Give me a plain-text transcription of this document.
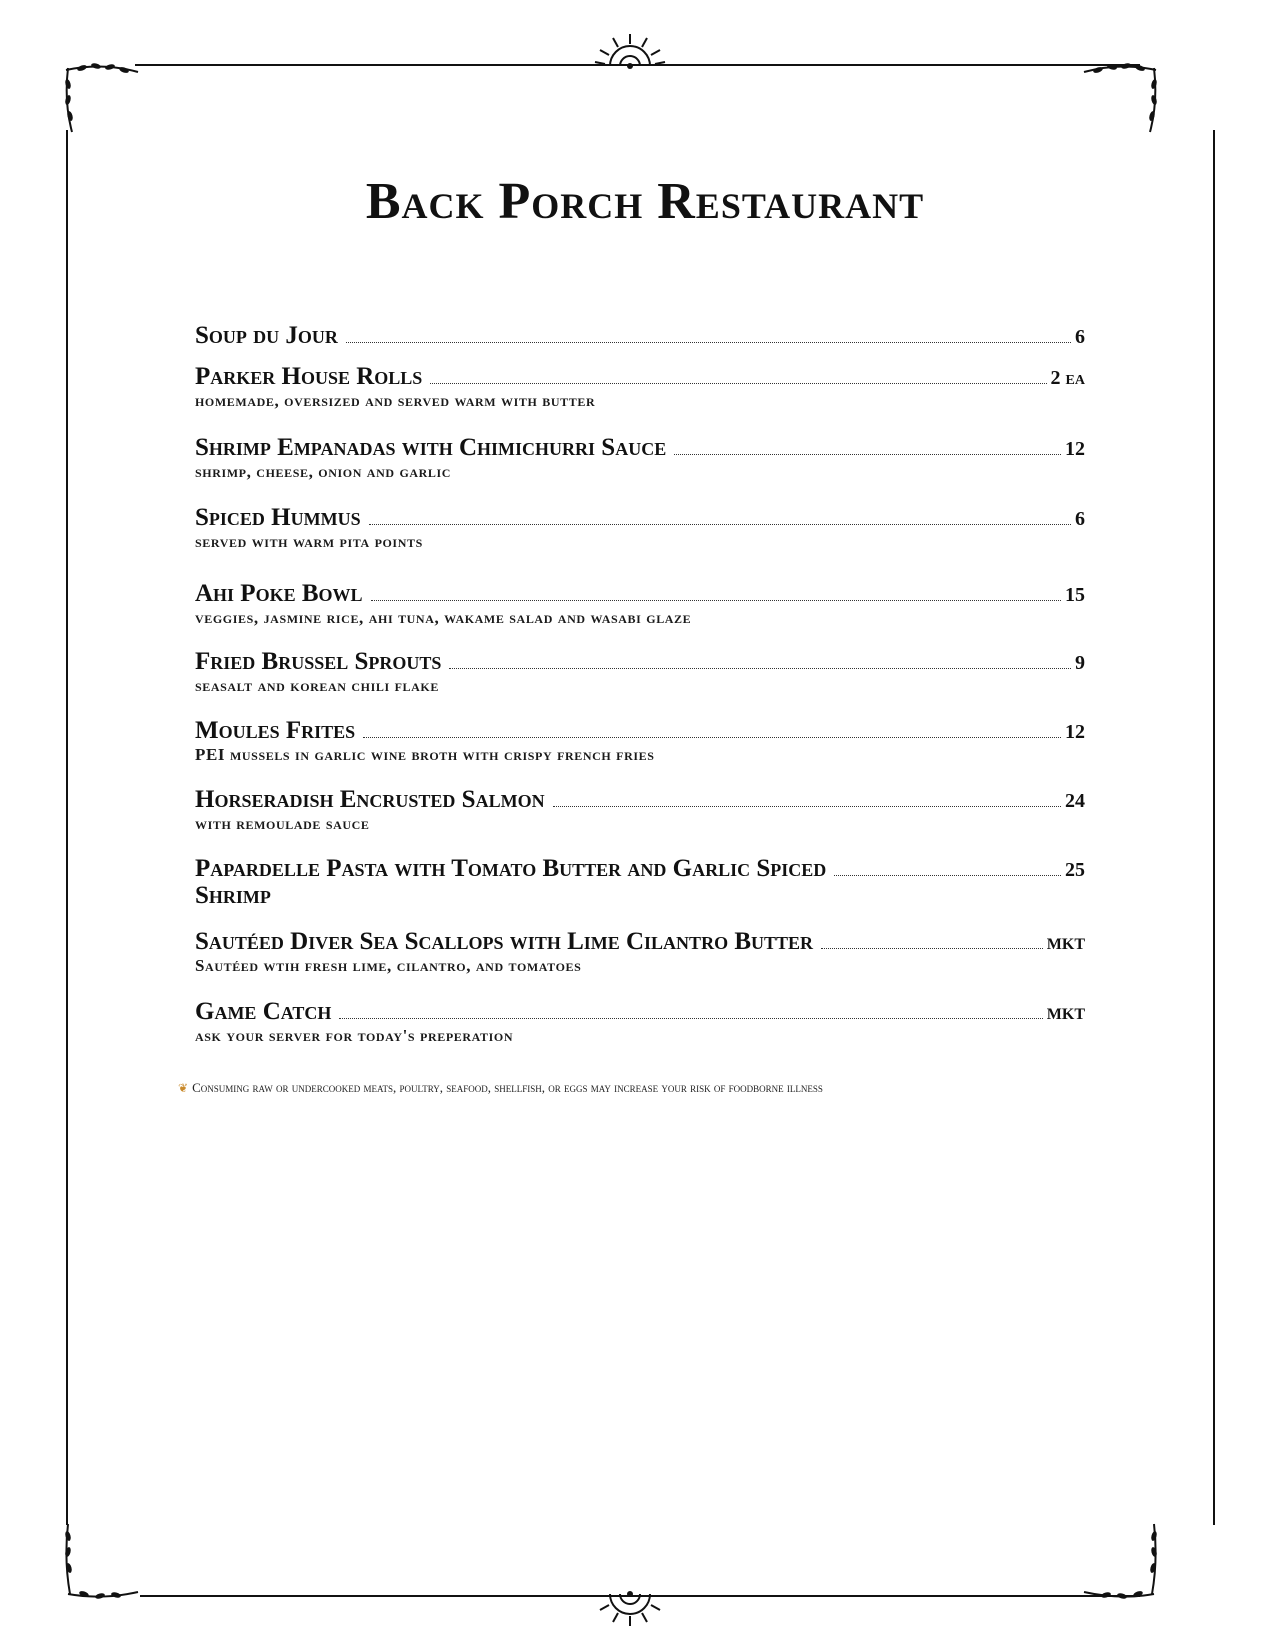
Back Porch Restaurant
Soup du Jour	6
Parker House Rolls	2 ea
homemade, oversized and served warm with butter
Shrimp Empanadas with Chimichurri Sauce	12
shrimp, cheese, onion and garlic
Spiced Hummus	6
served with warm pita points
Ahi Poke Bowl	15
veggies, jasmine rice, ahi tuna, wakame salad and wasabi glaze
Fried Brussel Sprouts	9
seasalt and korean chili flake
Moules Frites	12
PEI mussels in garlic wine broth with crispy french fries
Horseradish Encrusted Salmon	24
with remoulade sauce
Papardelle Pasta with Tomato Butter and Garlic Spiced	25
Shrimp
Sautéed Diver Sea Scallops with Lime Cilantro Butter	MKT
Sautéed wtih fresh lime, cilantro, and tomatoes
Game Catch	MKT
ask your server for today's preperation
❦ Consuming raw or undercooked meats, poultry, seafood, shellfish, or eggs may increase your risk of foodborne illness
